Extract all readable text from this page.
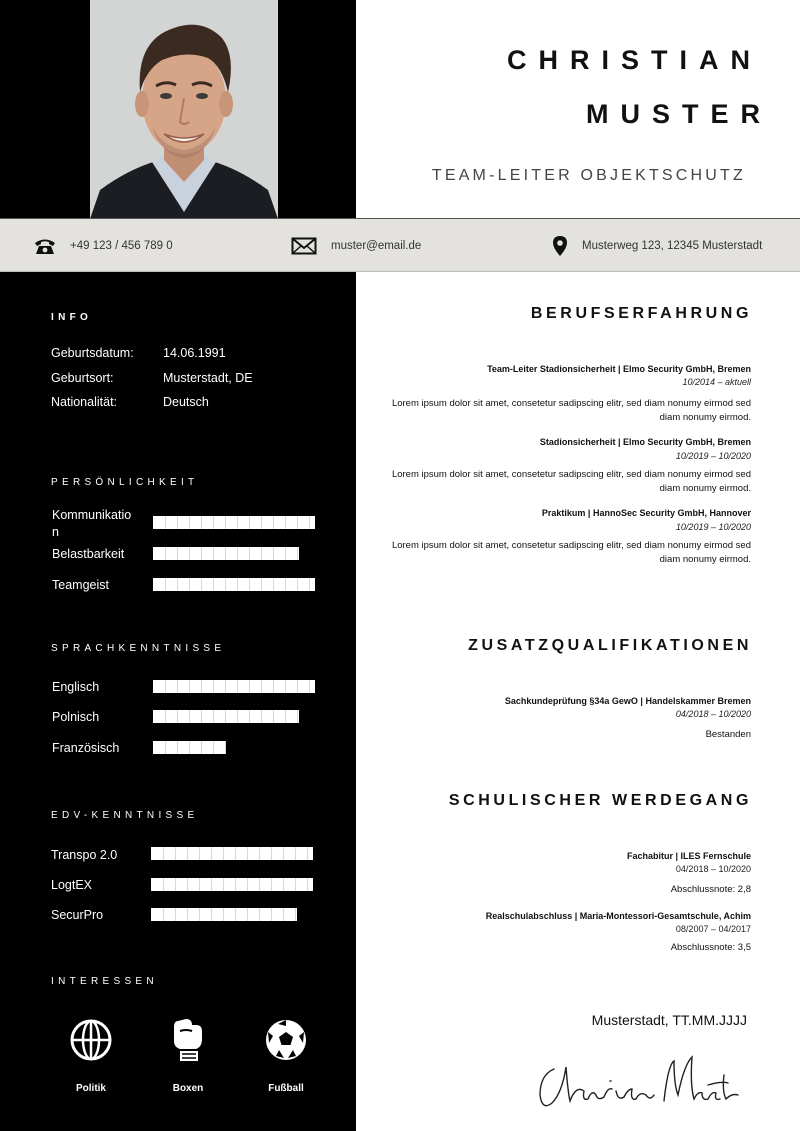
CHRISTIAN
MUSTER
TEAM-LEITER OBJEKTSCHUTZ
+49 123 / 456 789 0	muster@email.de	Musterweg 123, 12345 Musterstadt
INFO
Geburtsdatum: 14.06.1991
Geburtsort:	Musterstadt, DE
Nationalität:	Deutsch
PERSÖNLICHKEIT
Kommunikation
Belastbarkeit
Teamgeist
SPRACHKENNTNISSE
Englisch
Polnisch
Französisch
EDV-KENNTNISSE
Transpo 2.0
LogtEX
SecurPro
INTERESSEN
Politik	Boxen	Fußball
BERUFSERFAHRUNG
Team-Leiter Stadionsicherheit | Elmo Security GmbH, Bremen
10/2014 – aktuell
Lorem ipsum dolor sit amet, consetetur sadipscing elitr, sed diam nonumy eirmod sed diam nonumy eirmod.
Stadionsicherheit | Elmo Security GmbH, Bremen
10/2019 – 10/2020
Lorem ipsum dolor sit amet, consetetur sadipscing elitr, sed diam nonumy eirmod sed diam nonumy eirmod.
Praktikum | HannoSec Security GmbH, Hannover
10/2019 – 10/2020
Lorem ipsum dolor sit amet, consetetur sadipscing elitr, sed diam nonumy eirmod sed diam nonumy eirmod.
ZUSATZQUALIFIKATIONEN
Sachkundeprüfung §34a GewO | Handelskammer Bremen
04/2018 – 10/2020
Bestanden
SCHULISCHER WERDEGANG
Fachabitur | ILES Fernschule
04/2018 – 10/2020
Abschlussnote: 2,8
Realschulabschluss | Maria-Montessori-Gesamtschule, Achim
08/2007 – 04/2017
Abschlussnote: 3,5
Musterstadt, TT.MM.JJJJ
